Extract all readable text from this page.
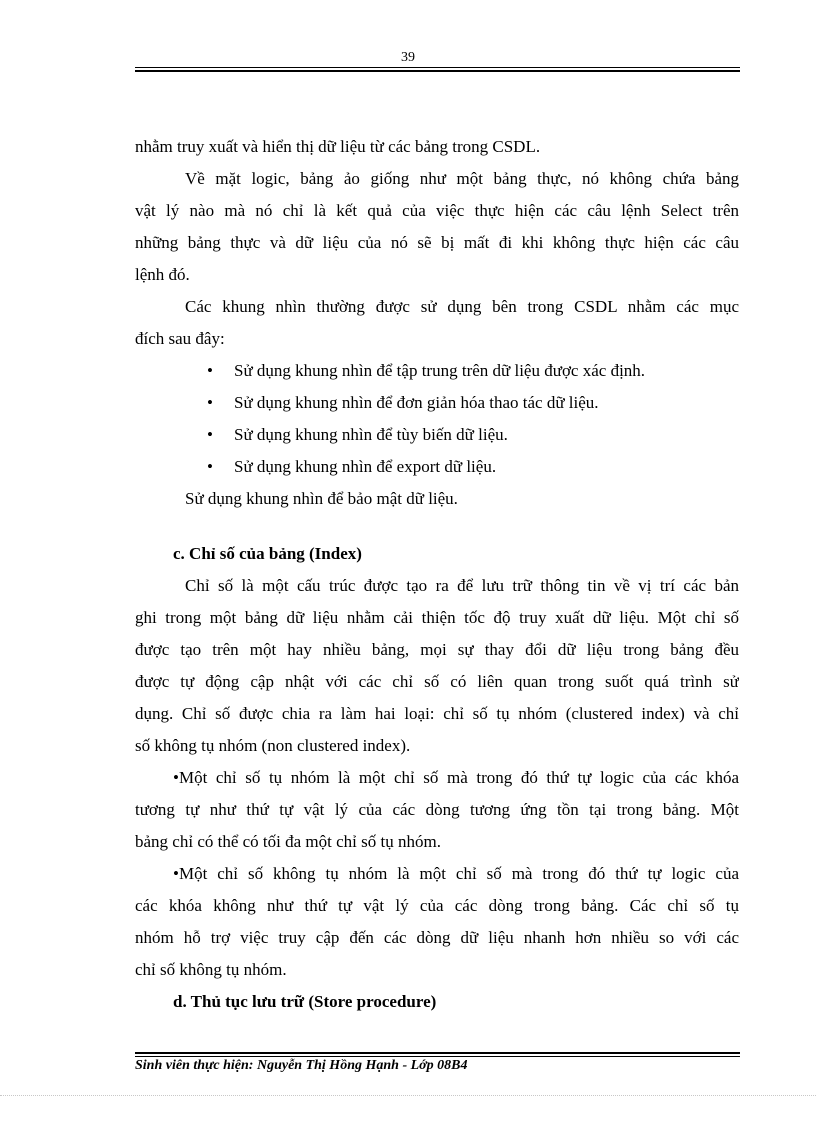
39
nhằm truy xuất và hiển thị dữ liệu từ các bảng trong CSDL.
Về mặt logic, bảng ảo giống như một bảng thực, nó không chứa bảng
vật lý nào mà nó chỉ là kết quả của việc thực hiện các câu lệnh Select trên
những bảng thực và dữ liệu của nó sẽ bị mất đi khi không thực hiện các câu
lệnh đó.
Các khung nhìn thường được sử dụng bên trong CSDL nhằm các mục
đích sau đây:
• Sử dụng khung nhìn để tập trung trên dữ liệu được xác định.
• Sử dụng khung nhìn để đơn giản hóa thao tác dữ liệu.
• Sử dụng khung nhìn để tùy biến dữ liệu.
• Sử dụng khung nhìn để export dữ liệu.
Sử dụng khung nhìn để bảo mật dữ liệu.
c. Chỉ số của bảng (Index)
Chỉ số là một cấu trúc được tạo ra để lưu trữ thông tin về vị trí các bản
ghi trong một bảng dữ liệu nhằm cải thiện tốc độ truy xuất dữ liệu. Một chỉ số
được tạo trên một hay nhiều bảng, mọi sự thay đổi dữ liệu trong bảng đều
được tự động cập nhật với các chỉ số có liên quan trong suốt quá trình sử
dụng. Chỉ số được chia ra làm hai loại: chỉ số tụ nhóm (clustered index) và chỉ
số không tụ nhóm (non clustered index).
•Một chỉ số tụ nhóm là một chỉ số mà trong đó thứ tự logic của các khóa
tương tự như thứ tự vật lý của các dòng tương ứng tồn tại trong bảng. Một
bảng chỉ có thể có tối đa một chỉ số tụ nhóm.
•Một chỉ số không tụ nhóm là một chỉ số mà trong đó thứ tự logic của
các khóa không như thứ tự vật lý của các dòng trong bảng. Các chỉ số tụ
nhóm hỗ trợ việc truy cập đến các dòng dữ liệu nhanh hơn nhiều so với các
chỉ số không tụ nhóm.
d. Thủ tục lưu trữ (Store procedure)
Sinh viên thực hiện: Nguyễn Thị Hồng Hạnh - Lớp 08B4
